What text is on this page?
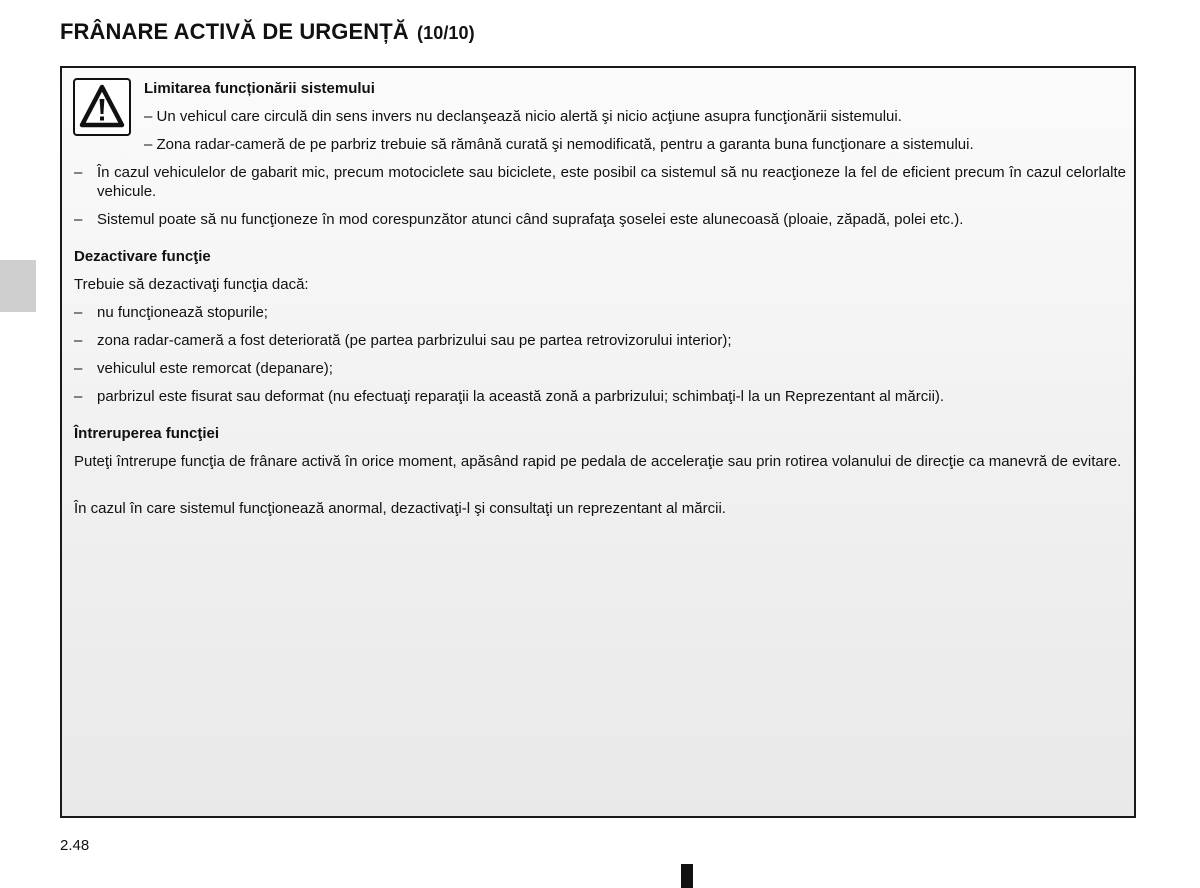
FRÂNARE ACTIVĂ DE URGENȚĂ (10/10)
Limitarea funcționării sistemului
– Un vehicul care circulă din sens invers nu declanşează nicio alertă şi nicio acţiune asupra funcţionării sistemului.
– Zona radar-cameră de pe parbriz trebuie să rămână curată şi nemodificată, pentru a garanta buna funcţionare a sistemului.
– În cazul vehiculelor de gabarit mic, precum motociclete sau biciclete, este posibil ca sistemul să nu reacţioneze la fel de eficient precum în cazul celorlalte vehicule.
– Sistemul poate să nu funcţioneze în mod corespunzător atunci când suprafaţa şoselei este alunecoasă (ploaie, zăpadă, polei etc.).
Dezactivare funcţie
Trebuie să dezactivaţi funcţia dacă:
– nu funcţionează stopurile;
– zona radar-cameră a fost deteriorată (pe partea parbrizului sau pe partea retrovizorului interior);
– vehiculul este remorcat (depanare);
– parbrizul este fisurat sau deformat (nu efectuaţi reparaţii la această zonă a parbrizului; schimbaţi-l la un Reprezentant al mărcii).
Întreruperea funcţiei
Puteţi întrerupe funcţia de frânare activă în orice moment, apăsând rapid pe pedala de acceleraţie sau prin rotirea volanului de direcţie ca manevră de evitare.
În cazul în care sistemul funcţionează anormal, dezactivaţi-l şi consultaţi un reprezentant al mărcii.
2.48
